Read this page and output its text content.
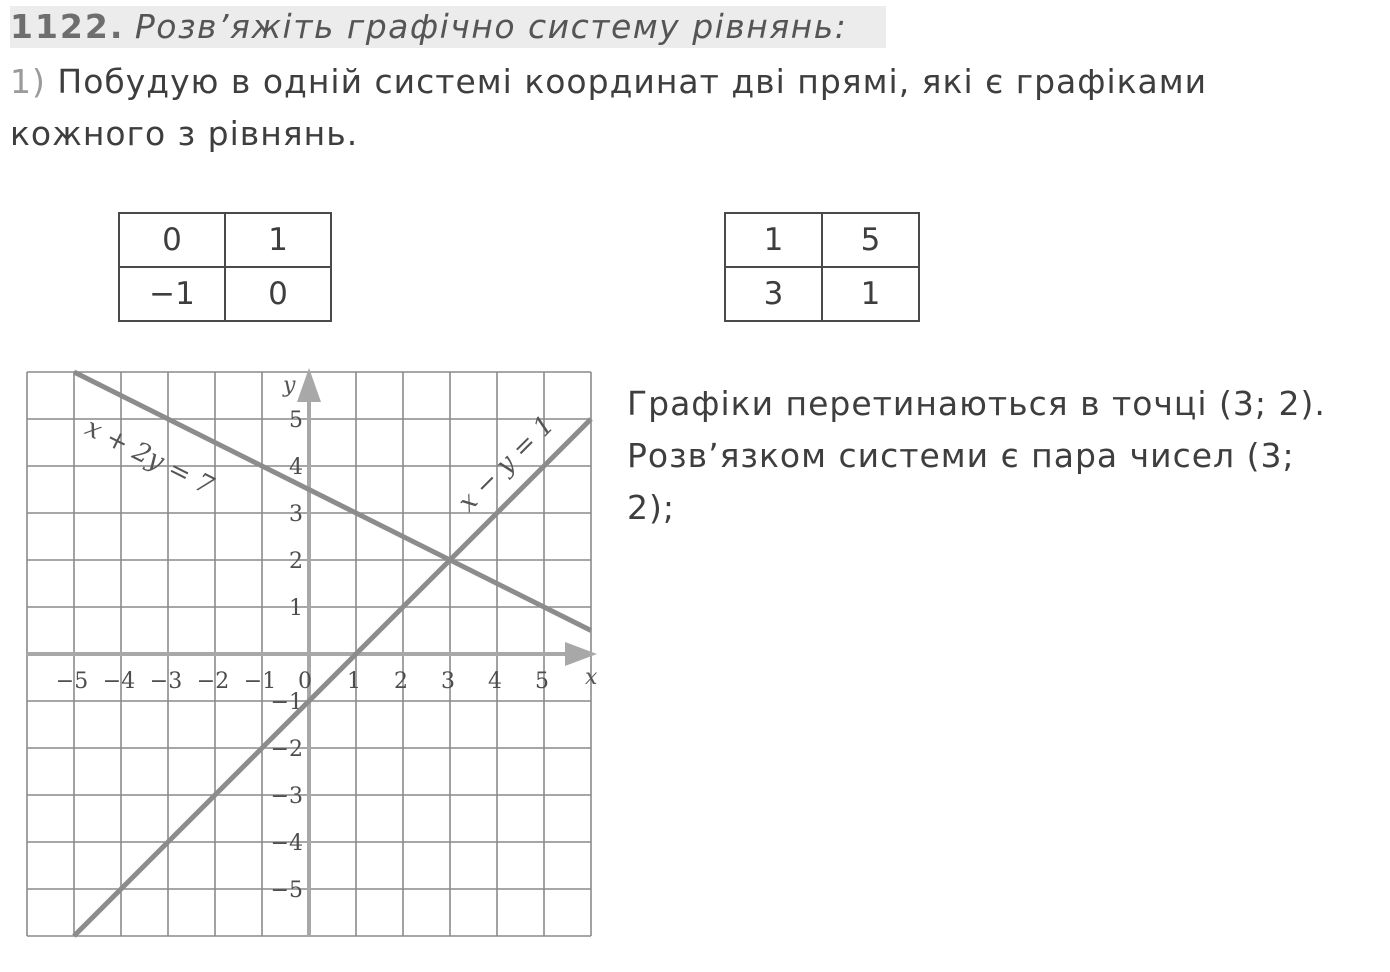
1122. Розв’яжіть графічно систему рівнянь:
1) Побудую в одній системі координат дві прямі, які є графіками кожного з рівнянь.
0	1
−1	0
1	5
3	1
−5 −4 −3 −2 −1 0 1 2 3 4 5
5
4
3
2
1
−1
−2
−3
−4
−5
x
y
x + 2y = 7	x − y = 1
Графіки перетинаються в точці (3; 2).
Розв’язком системи є пара чисел (3;
2);
